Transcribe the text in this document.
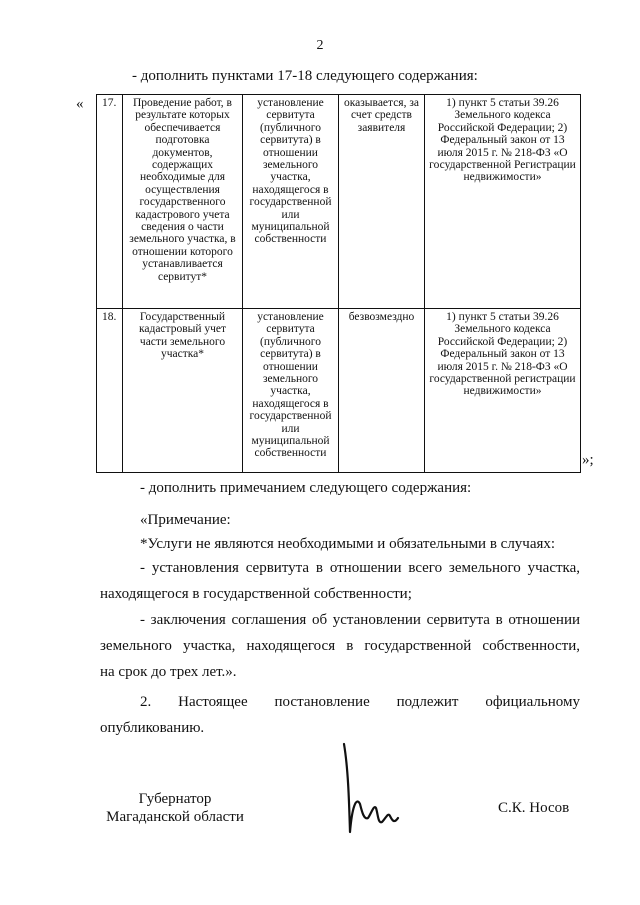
2
- дополнить пунктами 17-18 следующего содержания:
« 17.	Проведение работ, в результате которых обеспечивается подготовка документов, содержащих необходимые для осуществления государственного кадастрового учета сведения о части земельного участка, в отношении которого устанавливается сервитут*	установление сервитута (публичного сервитута) в отношении земельного участка, находящегося в государственной или муниципальной собственности	оказывается, за счет средств заявителя	1) пункт 5 статьи 39.26 Земельного кодекса Российской Федерации; 2) Федеральный закон от 13 июля 2015 г. № 218-ФЗ «О государственной Регистрации недвижимости»
18.	Государственный кадастровый учет части земельного участка*	установление сервитута (публичного сервитута) в отношении земельного участка, находящегося в государственной или муниципальной собственности	безвозмездно	1) пункт 5 статьи 39.26 Земельного кодекса Российской Федерации; 2) Федеральный закон от 13 июля 2015 г. № 218-ФЗ «О государственной регистрации недвижимости»
»;
- дополнить примечанием следующего содержания:
«Примечание:
*Услуги не являются необходимыми и обязательными в случаях:
- установления сервитута в отношении всего земельного участка,
находящегося в государственной собственности;
- заключения соглашения об установлении сервитута в отношении
земельного участка, находящегося в государственной собственности,
на срок до трех лет.».
2. Настоящее постановление подлежит официальному
опубликованию.
Губернатор
Магаданской области
С.К. Носов
